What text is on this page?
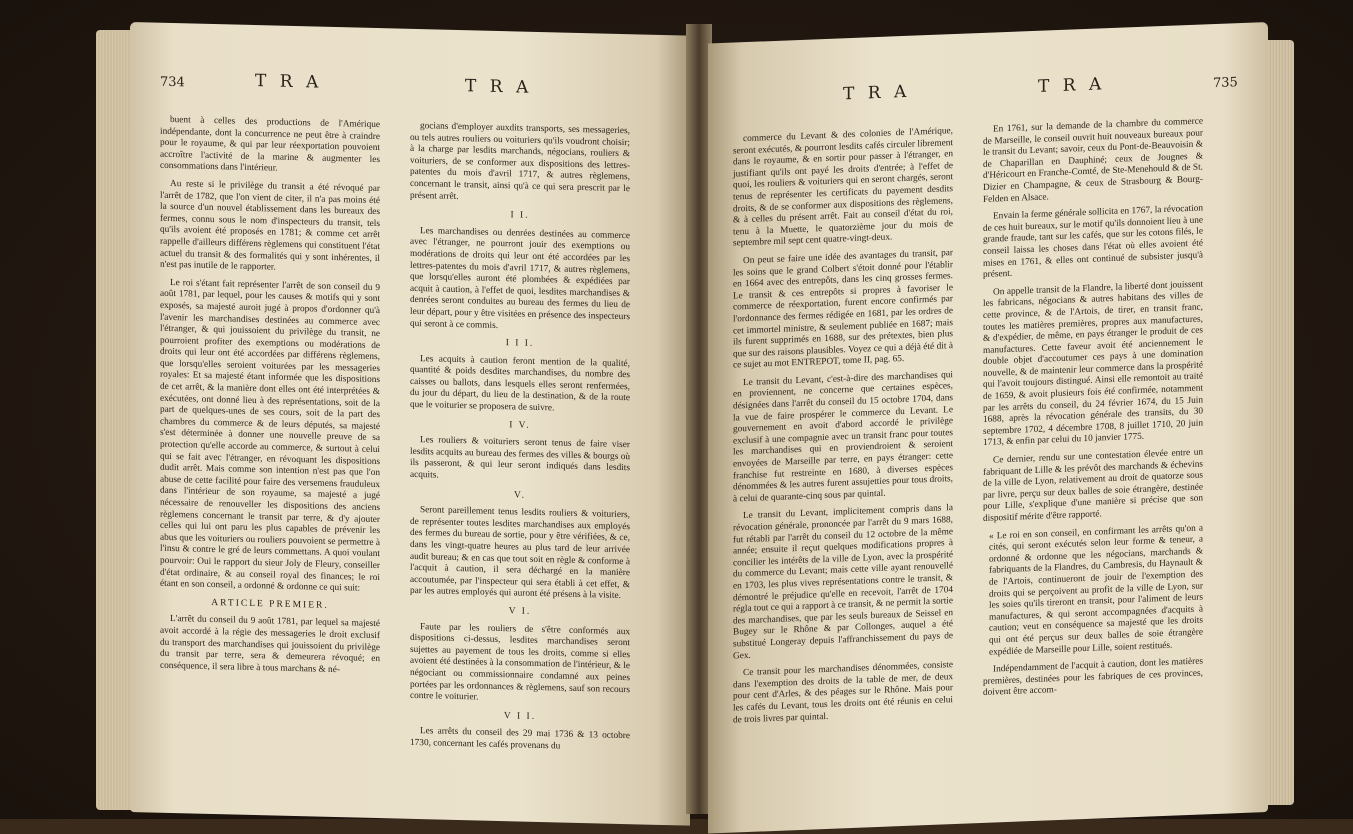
734	T R A	T R A

buent à celles des productions de l'Amérique indépendante, dont la concurrence ne peut être à craindre pour le royaume, & qui par leur réexportation pouvoient accroître l'activité de la marine & augmenter les consommations dans l'intérieur.

Au reste si le privilège du transit a été révoqué par l'arrêt de 1782, que l'on vient de citer, il n'a pas moins été la source d'un nouvel établissement dans les bureaux des fermes, connu sous le nom d'inspecteurs du transit, tels qu'ils avoient été proposés en 1781; & comme cet arrêt rappelle d'ailleurs différens règlemens qui constituent l'état actuel du transit & des formalités qui y sont inhérentes, il n'est pas inutile de le rapporter.

Le roi s'étant fait représenter l'arrêt de son conseil du 9 août 1781, par lequel, pour les causes & motifs qui y sont exposés, sa majesté auroit jugé à propos d'ordonner qu'à l'avenir les marchandises destinées au commerce avec l'étranger, & qui jouissoient du privilège du transit, ne pourroient profiter des exemptions ou modérations de droits qui leur ont été accordées par différens règlemens, que lorsqu'elles seroient voiturées par les messageries royales: Et sa majesté étant informée que les dispositions de cet arrêt, & la manière dont elles ont été interprétées & exécutées, ont donné lieu à des représentations, soit de la part de quelques-unes de ses cours, soit de la part des chambres du commerce & de leurs députés, sa majesté s'est déterminée à donner une nouvelle preuve de sa protection qu'elle accorde au commerce, & surtout à celui qui se fait avec l'étranger, en révoquant les dispositions dudit arrêt. Mais comme son intention n'est pas que l'on abuse de cette facilité pour faire des versemens frauduleux dans l'intérieur de son royaume, sa majesté a jugé nécessaire de renouveller les dispositions des anciens règlemens concernant le transit par terre, & d'y ajouter celles qui lui ont paru les plus capables de prévenir les abus que les voituriers ou rouliers pouvoient se permettre à l'insu & contre le gré de leurs commettans. A quoi voulant pourvoir: Oui le rapport du sieur Joly de Fleury, conseiller d'état ordinaire, & au conseil royal des finances; le roi étant en son conseil, a ordonné & ordonne ce qui suit:

ARTICLE PREMIER.

L'arrêt du conseil du 9 août 1781, par lequel sa majesté avoit accordé à la régie des messageries le droit exclusif du transport des marchandises qui jouissoient du privilège du transit par terre, sera & demeurera révoqué; en conséquence, il sera libre à tous marchans & né-

gocians d'employer auxdits transports, ses messageries, ou tels autres rouliers ou voituriers qu'ils voudront choisir; à la charge par lesdits marchands, négocians, rouliers & voituriers, de se conformer aux dispositions des lettres-patentes du mois d'avril 1717, & autres règlemens, concernant le transit, ainsi qu'à ce qui sera prescrit par le présent arrêt.

I I.

Les marchandises ou denrées destinées au commerce avec l'étranger, ne pourront jouir des exemptions ou modérations de droits qui leur ont été accordées par les lettres-patentes du mois d'avril 1717, & autres règlemens, que lorsqu'elles auront été plombées & expédiées par acquit à caution, à l'effet de quoi, lesdites marchandises & denrées seront conduites au bureau des fermes du lieu de leur départ, pour y être visitées en présence des inspecteurs qui seront à ce commis.

I I I.

Les acquits à caution feront mention de la qualité, quantité & poids desdites marchandises, du nombre des caisses ou ballots, dans lesquels elles seront renfermées, du jour du départ, du lieu de la destination, & de la route que le voiturier se proposera de suivre.

I V.

Les rouliers & voituriers seront tenus de faire viser lesdits acquits au bureau des fermes des villes & bourgs où ils passeront, & qui leur seront indiqués dans lesdits acquits.

V.

Seront pareillement tenus lesdits rouliers & voituriers, de représenter toutes lesdites marchandises aux employés des fermes du bureau de sortie, pour y être vérifiées, & ce, dans les vingt-quatre heures au plus tard de leur arrivée audit bureau; & en cas que tout soit en règle & conforme à l'acquit à caution, il sera déchargé en la manière accoutumée, par l'inspecteur qui sera établi à cet effet, & par les autres employés qui auront été présens à la visite.

V I.

Faute par les rouliers de s'être conformés aux dispositions ci-dessus, lesdites marchandises seront sujettes au payement de tous les droits, comme si elles avoient été destinées à la consommation de l'intérieur, & le négociant ou commissionnaire condamné aux peines portées par les ordonnances & règlemens, sauf son recours contre le voiturier.

V I I.

Les arrêts du conseil des 29 mai 1736 & 13 octobre 1730, concernant les cafés provenans du

T R A	T R A	735

commerce du Levant & des colonies de l'Amérique, seront exécutés, & pourront lesdits cafés circuler librement dans le royaume, & en sortir pour passer à l'étranger, en justifiant qu'ils ont payé les droits d'entrée; à l'effet de quoi, les rouliers & voituriers qui en seront chargés, seront tenus de représenter les certificats du payement desdits droits, & de se conformer aux dispositions des règlemens, & à celles du présent arrêt. Fait au conseil d'état du roi, tenu à la Muette, le quatorzième jour du mois de septembre mil sept cent quatre-vingt-deux.

On peut se faire une idée des avantages du transit, par les soins que le grand Colbert s'étoit donné pour l'établir en 1664 avec des entrepôts, dans les cinq grosses fermes. Le transit & ces entrepôts si propres à favoriser le commerce de réexportation, furent encore confirmés par l'ordonnance des fermes rédigée en 1681, par les ordres de cet immortel ministre, & seulement publiée en 1687; mais ils furent supprimés en 1688, sur des prétextes, bien plus que sur des raisons plausibles. Voyez ce qui a déjà été dit à ce sujet au mot ENTREPOT, tome II, pag. 65.

Le transit du Levant, c'est-à-dire des marchandises qui en proviennent, ne concerne que certaines espèces, désignées dans l'arrêt du conseil du 15 octobre 1704, dans la vue de faire prospérer le commerce du Levant. Le gouvernement en avoit d'abord accordé le privilège exclusif à une compagnie avec un transit franc pour toutes les marchandises qui en proviendroient & seroient envoyées de Marseille par terre, en pays étranger: cette franchise fut restreinte en 1680, à diverses espèces dénommées & les autres furent assujetties pour tous droits, à celui de quarante-cinq sous par quintal.

Le transit du Levant, implicitement compris dans la révocation générale, prononcée par l'arrêt du 9 mars 1688, fut rétabli par l'arrêt du conseil du 12 octobre de la même année; ensuite il reçut quelques modifications propres à concilier les intérêts de la ville de Lyon, avec la prospérité du commerce du Levant; mais cette ville ayant renouvellé en 1703, les plus vives représentations contre le transit, & démontré le préjudice qu'elle en recevoit, l'arrêt de 1704 régla tout ce qui a rapport à ce transit, & ne permit la sortie des marchandises, que par les seuls bureaux de Seissel en Bugey sur le Rhône & par Collonges, auquel a été substitué Longeray depuis l'affranchissement du pays de Gex.

Ce transit pour les marchandises dénommées, consiste dans l'exemption des droits de la table de mer, de deux pour cent d'Arles, & des péages sur le Rhône. Mais pour les cafés du Levant, tous les droits ont été réunis en celui de trois livres par quintal.

En 1761, sur la demande de la chambre du commerce de Marseille, le conseil ouvrit huit nouveaux bureaux pour le transit du Levant; savoir, ceux du Pont-de-Beauvoisin & de Chaparillan en Dauphiné; ceux de Jougnes & d'Héricourt en Franche-Comté, de Ste-Menehould & de St. Dizier en Champagne, & ceux de Strasbourg & Bourg-Felden en Alsace.

Envain la ferme générale sollicita en 1767, la révocation de ces huit bureaux, sur le motif qu'ils donnoient lieu à une grande fraude, tant sur les cafés, que sur les cotons filés, le conseil laissa les choses dans l'état où elles avoient été mises en 1761, & elles ont continué de subsister jusqu'à présent.

On appelle transit de la Flandre, la liberté dont jouissent les fabricans, négocians & autres habitans des villes de cette province, & de l'Artois, de tirer, en transit franc, toutes les matières premières, propres aux manufactures, & d'expédier, de même, en pays étranger le produit de ces manufactures. Cette faveur avoit été anciennement le double objet d'accoutumer ces pays à une domination nouvelle, & de maintenir leur commerce dans la prospérité qui l'avoit toujours distingué. Ainsi elle remontoit au traité de 1659, & avoit plusieurs fois été confirmée, notamment par les arrêts du conseil, du 24 février 1674, du 15 Juin 1688, après la révocation générale des transits, du 30 septembre 1702, 4 décembre 1708, 8 juillet 1710, 20 juin 1713, & enfin par celui du 10 janvier 1775.

Ce dernier, rendu sur une contestation élevée entre un fabriquant de Lille & les prévôt des marchands & échevins de la ville de Lyon, relativement au droit de quatorze sous par livre, perçu sur deux balles de soie étrangère, destinée pour Lille, s'explique d'une manière si précise que son dispositif mérite d'être rapporté.

« Le roi en son conseil, en confirmant les arrêts qu'on a cités, qui seront exécutés selon leur forme & teneur, a ordonné & ordonne que les négocians, marchands & fabriquants de la Flandres, du Cambresis, du Haynault & de l'Artois, continueront de jouir de l'exemption des droits qui se perçoivent au profit de la ville de Lyon, sur les soies qu'ils tireront en transit, pour l'aliment de leurs manufactures, & qui seront accompagnées d'acquits à caution; veut en conséquence sa majesté que les droits qui ont été perçus sur deux balles de soie étrangère expédiée de Marseille pour Lille, soient restitués.

Indépendamment de l'acquit à caution, dont les matières premières, destinées pour les fabriques de ces provinces, doivent être accom-
